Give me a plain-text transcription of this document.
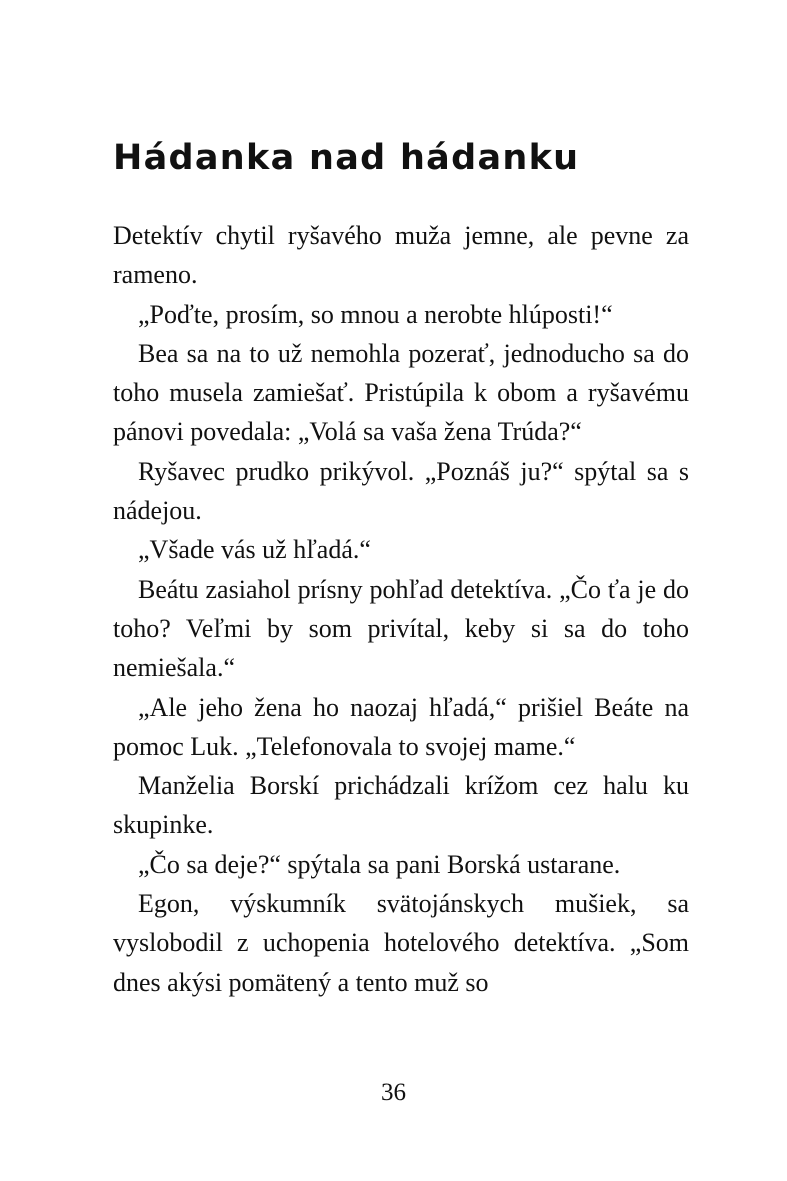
Hádanka nad hádanku

Detektív chytil ryšavého muža jemne, ale pevne za rameno.

„Poďte, prosím, so mnou a nerobte hlúposti!“

Bea sa na to už nemohla pozerať, jednoducho sa do toho musela zamiešať. Pristúpila k obom a ryšavému pánovi povedala: „Volá sa vaša žena Trúda?“

Ryšavec prudko prikývol. „Poznáš ju?“ spýtal sa s nádejou.

„Všade vás už hľadá.“

Beátu zasiahol prísny pohľad detektíva. „Čo ťa je do toho? Veľmi by som privítal, keby si sa do toho nemiešala.“

„Ale jeho žena ho naozaj hľadá,“ prišiel Beáte na pomoc Luk. „Telefonovala to svojej mame.“

Manželia Borskí prichádzali krížom cez halu ku skupinke.

„Čo sa deje?“ spýtala sa pani Borská ustarane.

Egon, výskumník svätojánskych mušiek, sa vyslobodil z uchopenia hotelového detektíva. „Som dnes akýsi pomätený a tento muž so

36
